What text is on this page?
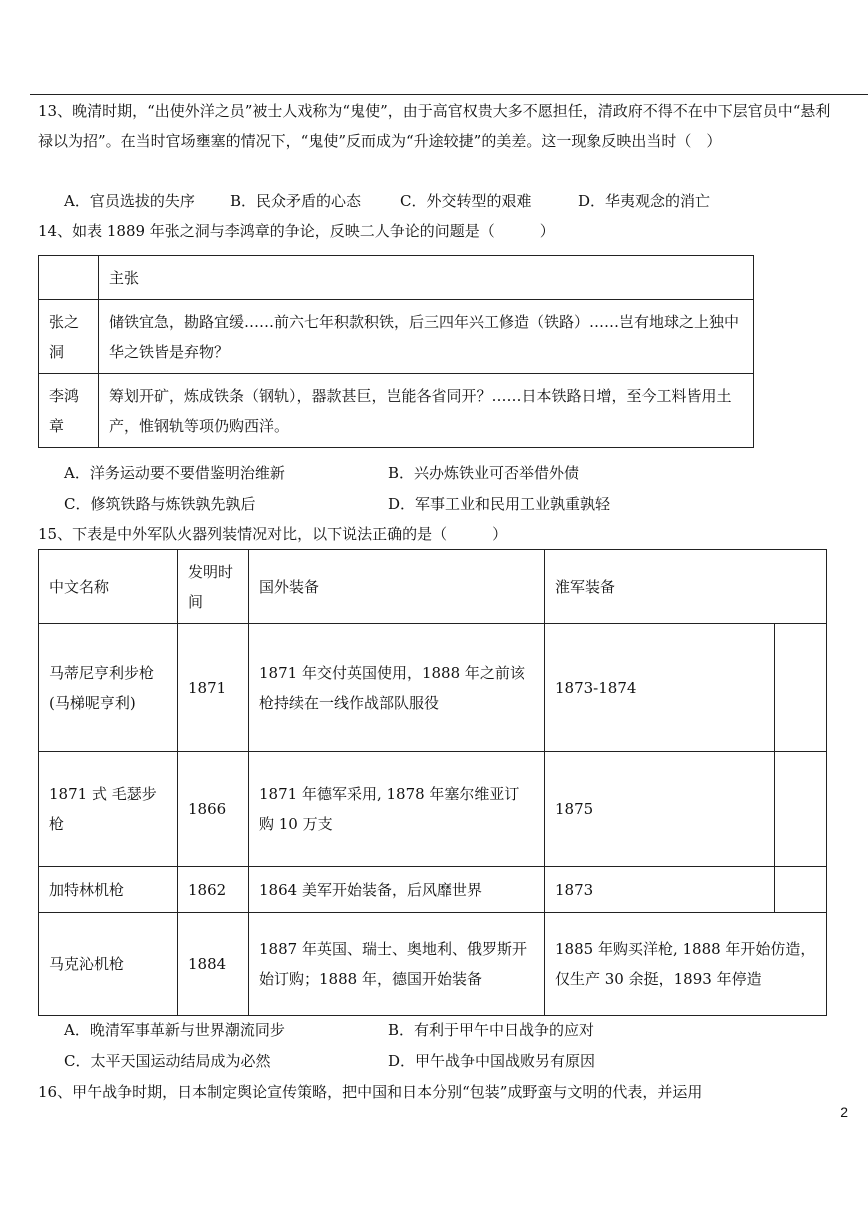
13、晚清时期，“出使外洋之员”被士人戏称为“鬼使”，由于高官权贵大多不愿担任，清政府不得不在中下层官员中“悬利禄以为招”。在当时官场壅塞的情况下，“鬼使”反而成为“升途较捷”的美差。这一现象反映出当时（　）

A．官员选拔的失序 B．民众矛盾的心态	C．外交转型的艰难	D．华夷观念的消亡

14、如表 1889 年张之洞与李鸿章的争论，反映二人争论的问题是（　　　）

	主张
张之洞	储铁宜急，勘路宜缓……前六七年积款积铁，后三四年兴工修造（铁路）……岂有地球之上独中华之铁皆是弃物？
李鸿章	筹划开矿，炼成铁条（钢轨），器款甚巨，岂能各省同开？……日本铁路日增，至今工料皆用土产，惟钢轨等项仍购西洋。
A．洋务运动要不要借鉴明治维新	B．兴办炼铁业可否举借外债
C．修筑铁路与炼铁孰先孰后	D．军事工业和民用工业孰重孰轻

15、下表是中外军队火器列装情况对比，以下说法正确的是（　　　）

中文名称	发明时间	国外装备	淮军装备	
马蒂尼亨利步枪(马梯呢亨利)	1871	1871 年交付英国使用，1888 年之前该枪持续在一线作战部队服役	1873-1874	
1871 式 毛瑟步枪	1866	1871 年德军采用, 1878 年塞尔维亚订购 10 万支	1875	
加特林机枪	1862	1864 美军开始装备，后风靡世界	1873	
马克沁机枪	1884	1887 年英国、瑞士、奥地利、俄罗斯开始订购；1888 年，德国开始装备	1885 年购买洋枪, 1888 年开始仿造，仅生产 30 余挺，1893 年停造	
A．晚清军事革新与世界潮流同步	B．有利于甲午中日战争的应对
C．太平天国运动结局成为必然	D．甲午战争中国战败另有原因

16、甲午战争时期，日本制定舆论宣传策略，把中国和日本分别“包装”成野蛮与文明的代表，并运用

2
